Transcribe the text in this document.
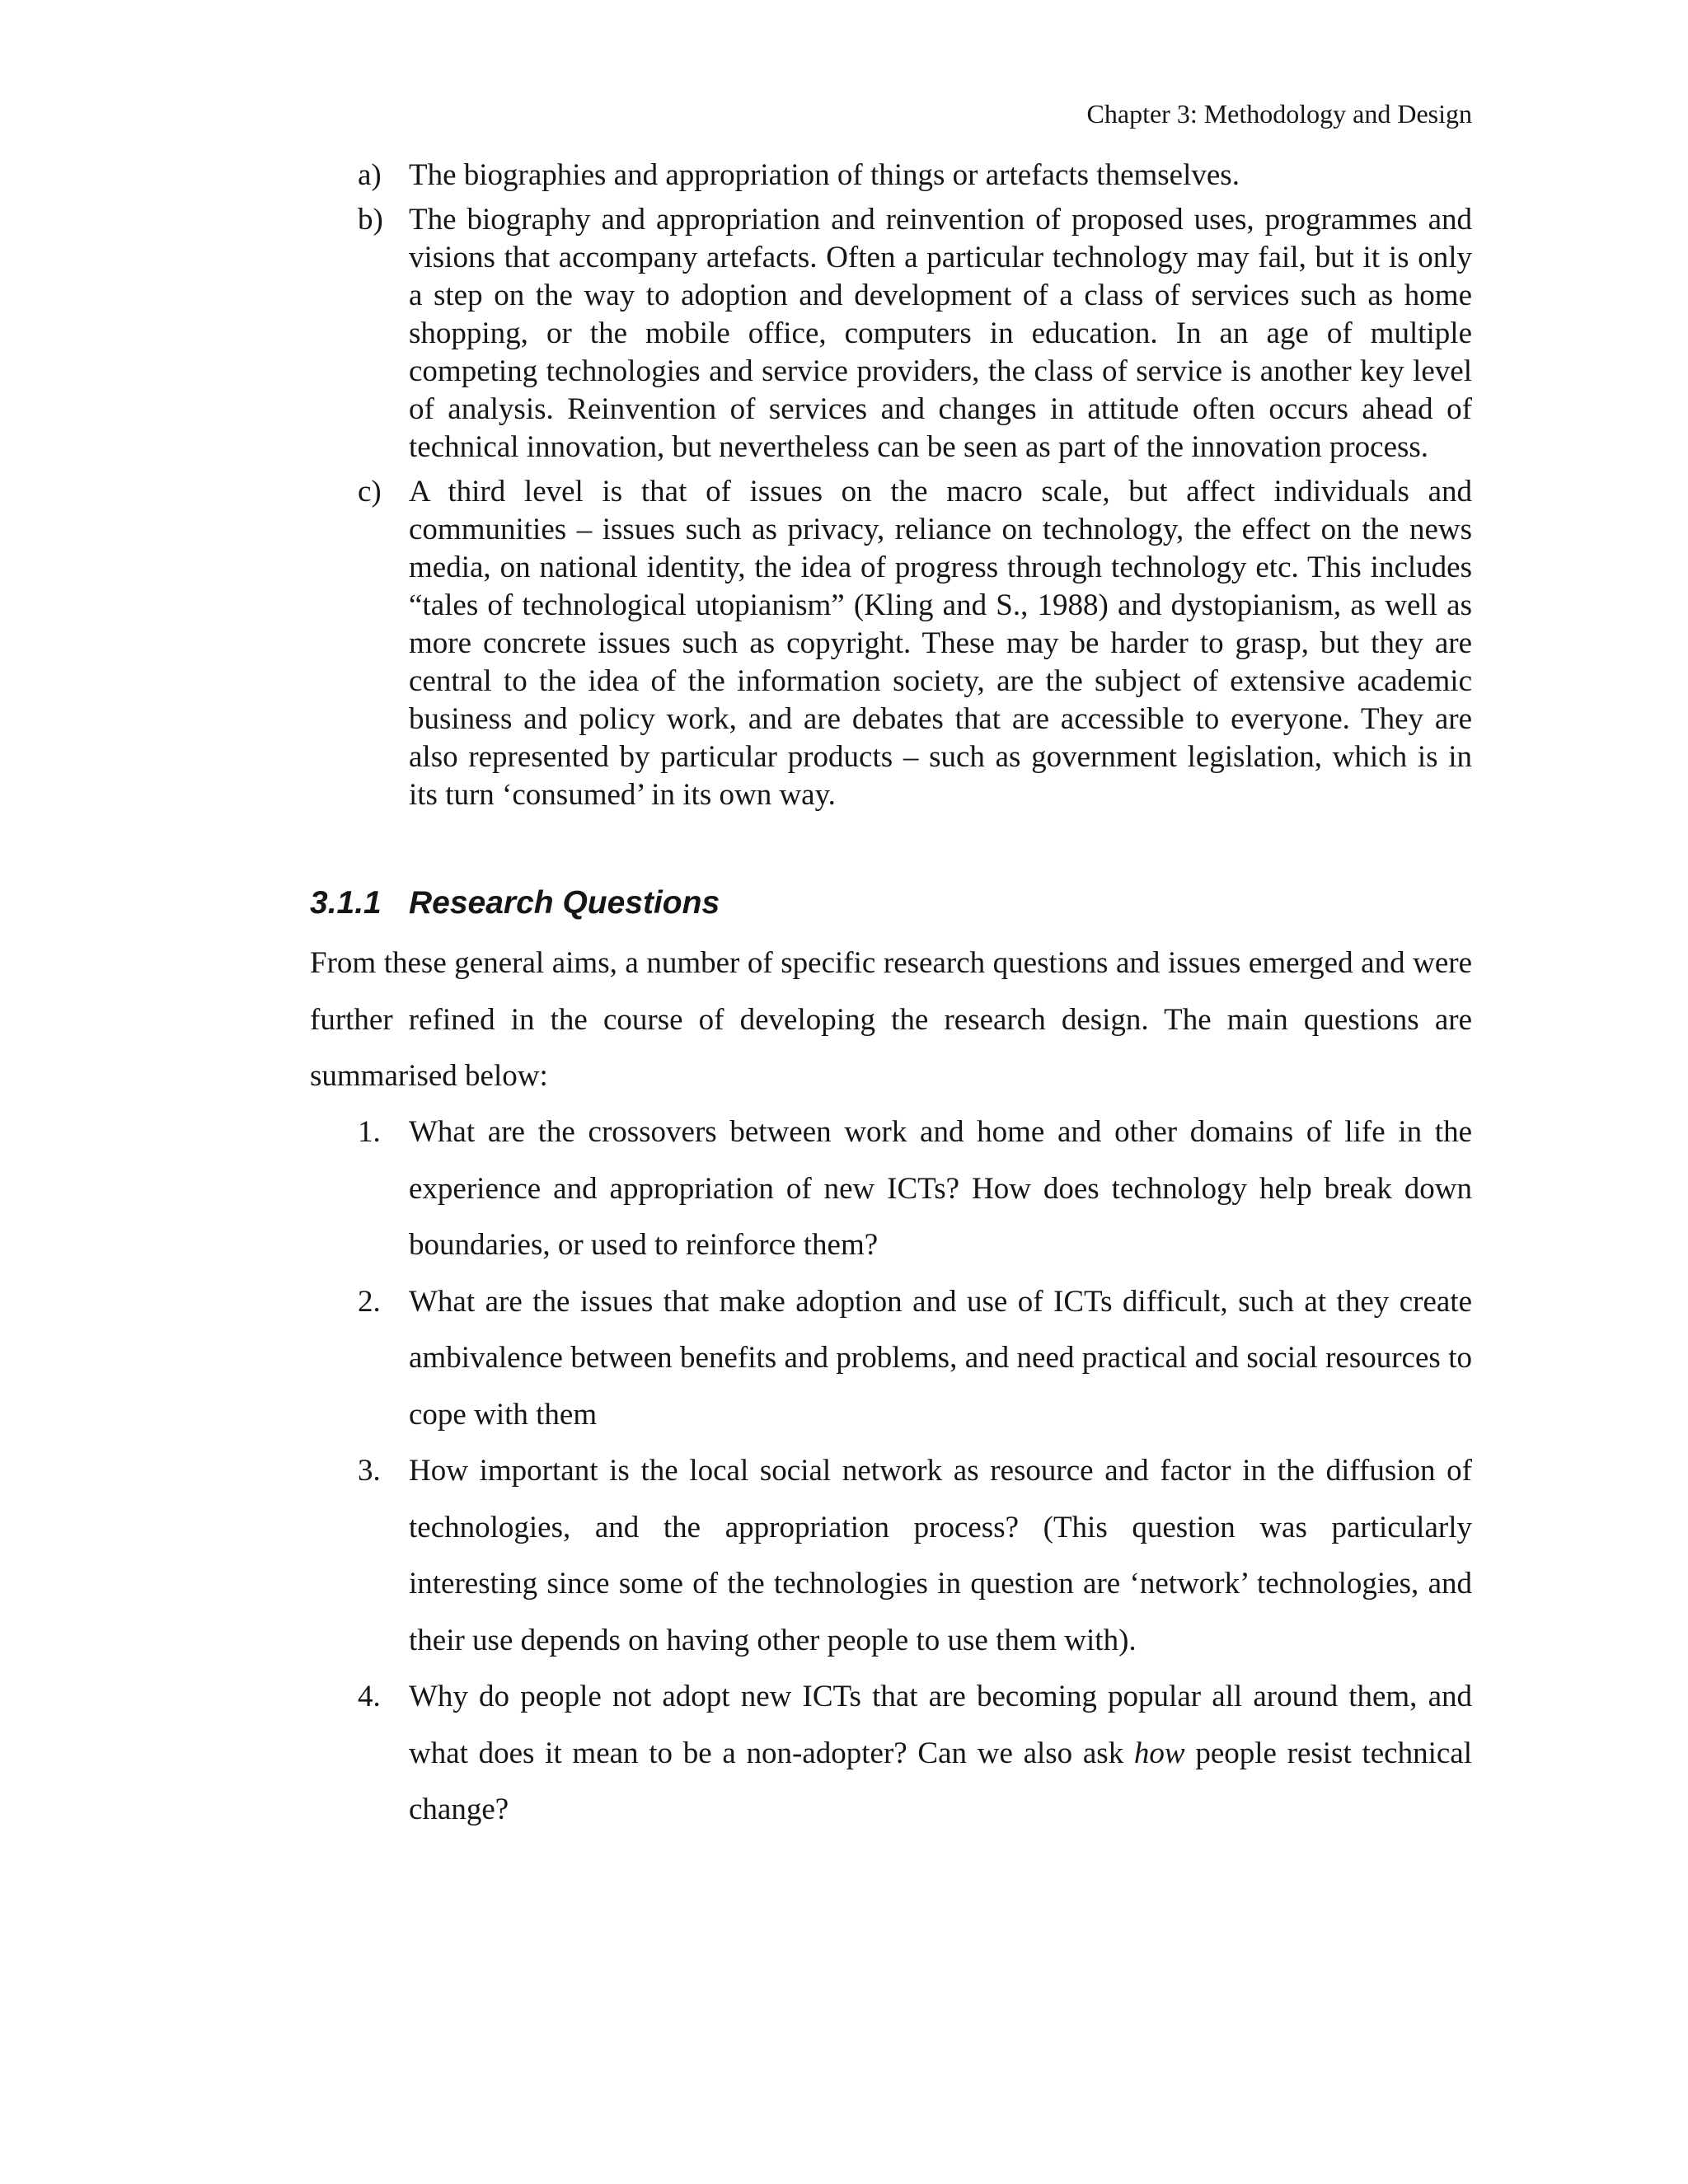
Chapter 3: Methodology and Design
a) The biographies and appropriation of things or artefacts themselves.
b) The biography and appropriation and reinvention of proposed uses, programmes and visions that accompany artefacts. Often a particular technology may fail, but it is only a step on the way to adoption and development of a class of services such as home shopping, or the mobile office, computers in education. In an age of multiple competing technologies and service providers, the class of service is another key level of analysis. Reinvention of services and changes in attitude often occurs ahead of technical innovation, but nevertheless can be seen as part of the innovation process.
c) A third level is that of issues on the macro scale, but affect individuals and communities – issues such as privacy, reliance on technology, the effect on the news media, on national identity, the idea of progress through technology etc. This includes “tales of technological utopianism” (Kling and S., 1988) and dystopianism, as well as more concrete issues such as copyright. These may be harder to grasp, but they are central to the idea of the information society, are the subject of extensive academic business and policy work, and are debates that are accessible to everyone. They are also represented by particular products – such as government legislation, which is in its turn ‘consumed’ in its own way.
3.1.1 Research Questions
From these general aims, a number of specific research questions and issues emerged and were further refined in the course of developing the research design. The main questions are summarised below:
1. What are the crossovers between work and home and other domains of life in the experience and appropriation of new ICTs? How does technology help break down boundaries, or used to reinforce them?
2. What are the issues that make adoption and use of ICTs difficult, such at they create ambivalence between benefits and problems, and need practical and social resources to cope with them
3. How important is the local social network as resource and factor in the diffusion of technologies, and the appropriation process? (This question was particularly interesting since some of the technologies in question are ‘network’ technologies, and their use depends on having other people to use them with).
4. Why do people not adopt new ICTs that are becoming popular all around them, and what does it mean to be a non-adopter? Can we also ask how people resist technical change?
